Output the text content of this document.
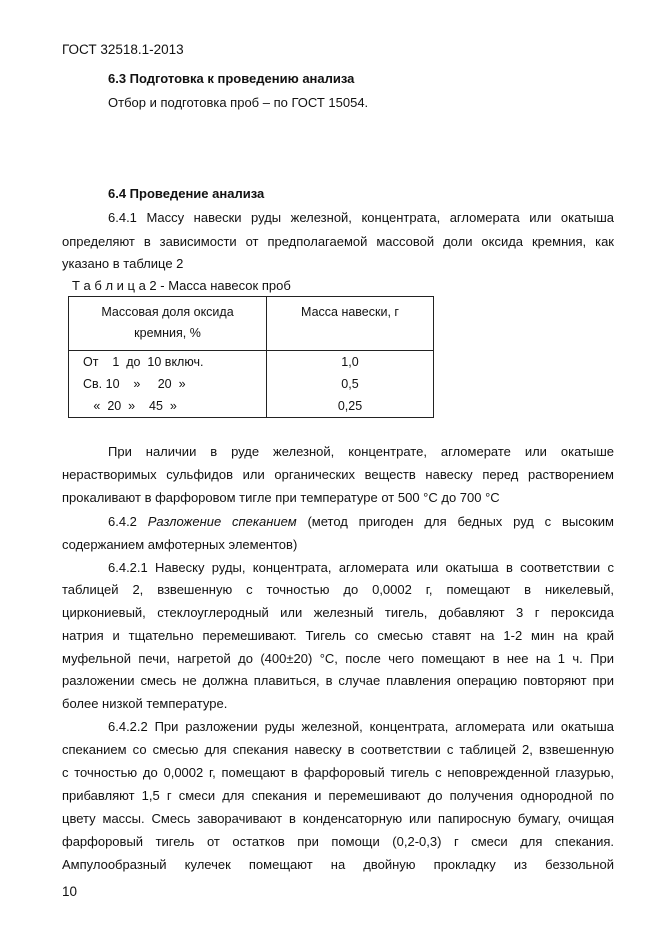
ГОСТ 32518.1-2013
6.3 Подготовка к проведению анализа
Отбор и подготовка проб – по ГОСТ 15054.
6.4 Проведение анализа
6.4.1 Массу навески руды железной, концентрата, агломерата или окатыша
определяют в зависимости от предполагаемой массовой доли оксида кремния, как
указано в таблице 2
Т а б л и ц а 2 - Масса навесок проб
Массовая доля оксида
кремния, %	Масса навески, г
От    1  до  10 включ.	1,0
Св. 10    »     20  »	0,5
«  20  »    45  »	0,25
При наличии в руде железной, концентрате, агломерате или окатыше
нерастворимых сульфидов или органических веществ навеску перед растворением
прокаливают в фарфоровом тигле при температуре от 500 °С до 700 °С
6.4.2 Разложение спеканием (метод пригоден для бедных руд с высоким
содержанием амфотерных элементов)
6.4.2.1 Навеску руды, концентрата, агломерата или окатыша в соответствии с
таблицей 2, взвешенную с точностью до 0,0002 г, помещают в никелевый,
циркониевый, стеклоуглеродный или железный тигель, добавляют 3 г пероксида
натрия и тщательно перемешивают. Тигель со смесью ставят на 1-2 мин на край
муфельной печи, нагретой до (400±20) °С, после чего помещают в нее на 1 ч. При
разложении смесь не должна плавиться, в случае плавления операцию повторяют при
более низкой температуре.
6.4.2.2 При разложении руды железной, концентрата, агломерата или окатыша
спеканием со смесью для спекания навеску в соответствии с таблицей 2, взвешенную
с точностью до 0,0002 г, помещают в фарфоровый тигель с неповрежденной глазурью,
прибавляют 1,5 г смеси для спекания и перемешивают до получения однородной по
цвету массы. Смесь заворачивают в конденсаторную или папиросную бумагу, очищая
фарфоровый тигель от остатков при помощи (0,2-0,3) г смеси для спекания.
Ампулообразный кулечек помещают на двойную прокладку из беззольной
10
